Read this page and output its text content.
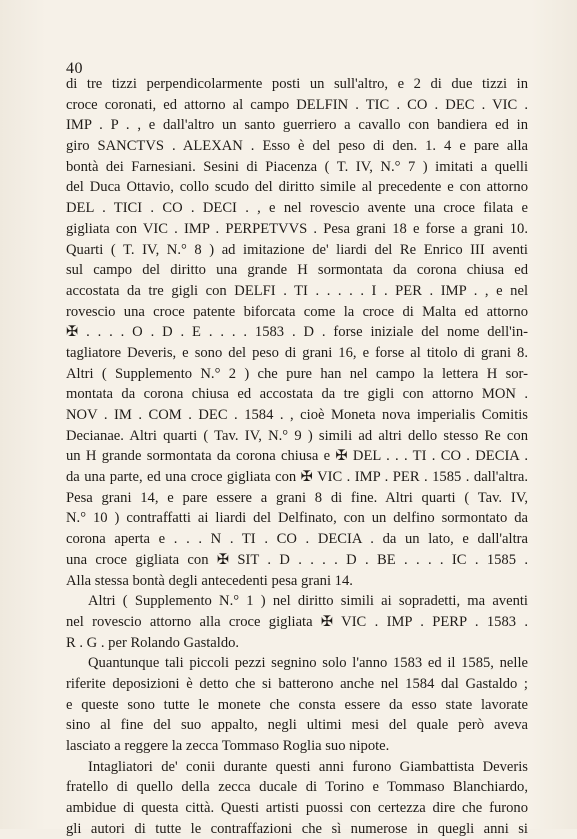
40
di tre tizzi perpendicolarmente posti un sull'altro, e 2 di due tizzi in
croce coronati, ed attorno al campo DELFIN . TIC . CO . DEC . VIC .
IMP . P . , e dall'altro un santo guerriero a cavallo con bandiera ed in
giro SANCTVS . ALEXAN . Esso è del peso di den. 1. 4 e pare alla
bontà dei Farnesiani. Sesini di Piacenza ( T. IV, N.° 7 ) imitati a quelli
del Duca Ottavio, collo scudo del diritto simile al precedente e con attorno
DEL . TICI . CO . DECI . , e nel rovescio avente una croce filata e
gigliata con VIC . IMP . PERPETVVS . Pesa grani 18 e forse a grani 10.
Quarti ( T. IV, N.° 8 ) ad imitazione de' liardi del Re Enrico III aventi
sul campo del diritto una grande H sormontata da corona chiusa ed
accostata da tre gigli con DELFI . TI . . . . . I . PER . IMP . , e nel
rovescio una croce patente biforcata come la croce di Malta ed attorno
✠ . . . . O . D . E . . . . 1583 . D . forse iniziale del nome dell'in-
tagliatore Deveris, e sono del peso di grani 16, e forse al titolo di grani 8.
Altri ( Supplemento N.° 2 ) che pure han nel campo la lettera H sor-
montata da corona chiusa ed accostata da tre gigli con attorno MON .
NOV . IM . COM . DEC . 1584 . , cioè Moneta nova imperialis Comitis
Decianae. Altri quarti ( Tav. IV, N.° 9 ) simili ad altri dello stesso Re con
un H grande sormontata da corona chiusa e ✠ DEL . . . TI . CO . DECIA .
da una parte, ed una croce gigliata con ✠ VIC . IMP . PER . 1585 . dall'altra.
Pesa grani 14, e pare essere a grani 8 di fine. Altri quarti ( Tav. IV,
N.° 10 ) contraffatti ai liardi del Delfinato, con un delfino sormontato da
corona aperta e . . . N . TI . CO . DECIA . da un lato, e dall'altra
una croce gigliata con ✠ SIT . D . . . . D . BE . . . . IC . 1585 .
Alla stessa bontà degli antecedenti pesa grani 14.
Altri ( Supplemento N.° 1 ) nel diritto simili ai sopradetti, ma aventi
nel rovescio attorno alla croce gigliata ✠ VIC . IMP . PERP . 1583 .
R . G . per Rolando Gastaldo.
Quantunque tali piccoli pezzi segnino solo l'anno 1583 ed il 1585, nelle
riferite deposizioni è detto che si batterono anche nel 1584 dal Gastaldo ;
e queste sono tutte le monete che consta essere da esso state lavorate
sino al fine del suo appalto, negli ultimi mesi del quale però aveva
lasciato a reggere la zecca Tommaso Roglia suo nipote.
Intagliatori de' conii durante questi anni furono Giambattista Deveris
fratello di quello della zecca ducale di Torino e Tommaso Blanchiardo,
ambidue di questa città. Questi artisti puossi con certezza dire che furono
gli autori di tutte le contraffazioni che sì numerose in quegli anni si
